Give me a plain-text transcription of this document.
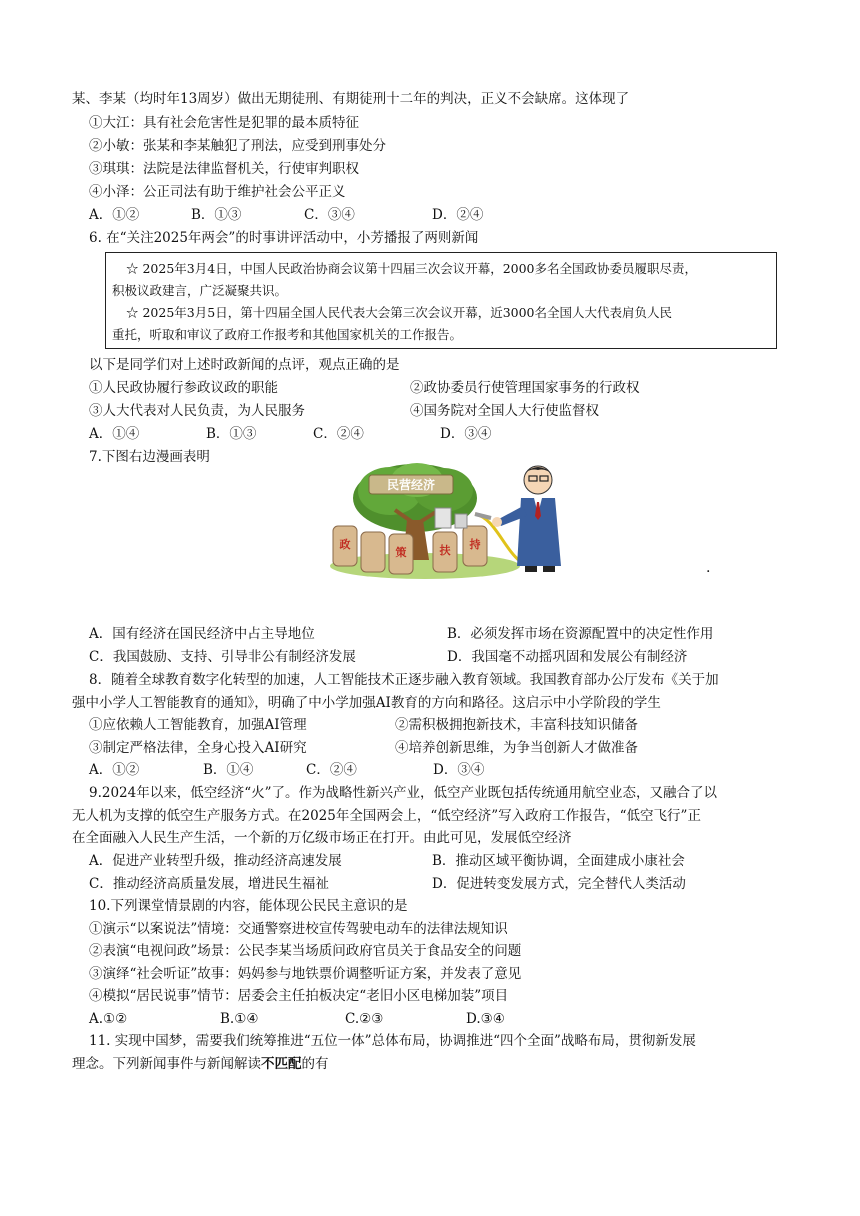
某、李某（均时年13周岁）做出无期徒刑、有期徒刑十二年的判决，正义不会缺席。这体现了
①大江：具有社会危害性是犯罪的最本质特征
②小敏：张某和李某触犯了刑法，应受到刑事处分
③琪琪：法院是法律监督机关，行使审判职权
④小泽：公正司法有助于维护社会公平正义
A．①②	B．①③	C．③④	D．②④
6. 在“关注2025年两会”的时事讲评活动中，小芳播报了两则新闻
☆ 2025年3月4日，中国人民政治协商会议第十四届三次会议开幕，2000多名全国政协委员履职尽责，
积极议政建言，广泛凝聚共识。
☆ 2025年3月5日，第十四届全国人民代表大会第三次会议开幕，近3000名全国人大代表肩负人民
重托，听取和审议了政府工作报考和其他国家机关的工作报告。
以下是同学们对上述时政新闻的点评，观点正确的是
①人民政协履行参政议政的职能	②政协委员行使管理国家事务的行政权
③人大代表对人民负责，为人民服务	④国务院对全国人大行使监督权
A．①④	B．①③	C．②④	D．③④
7.下图右边漫画表明
民营经济
政
策	扶 持
.
A．国有经济在国民经济中占主导地位	B．必须发挥市场在资源配置中的决定性作用
C．我国鼓励、支持、引导非公有制经济发展	D．我国毫不动摇巩固和发展公有制经济
8．随着全球教育数字化转型的加速，人工智能技术正逐步融入教育领域。我国教育部办公厅发布《关于加
强中小学人工智能教育的通知》，明确了中小学加强AI教育的方向和路径。这启示中小学阶段的学生
①应依赖人工智能教育，加强AI管理	②需积极拥抱新技术，丰富科技知识储备
③制定严格法律，全身心投入AI研究	④培养创新思维，为争当创新人才做准备
A．①②	B．①④	C．②④	D．③④
9.2024年以来，低空经济“火”了。作为战略性新兴产业，低空产业既包括传统通用航空业态，又融合了以
无人机为支撑的低空生产服务方式。在2025年全国两会上，“低空经济”写入政府工作报告，“低空飞行”正
在全面融入人民生产生活，一个新的万亿级市场正在打开。由此可见，发展低空经济
A．促进产业转型升级，推动经济高速发展	B．推动区域平衡协调，全面建成小康社会
C．推动经济高质量发展，增进民生福祉	D．促进转变发展方式，完全替代人类活动
10.下列课堂情景剧的内容，能体现公民民主意识的是
①演示“以案说法”情境：交通警察进校宣传驾驶电动车的法律法规知识
②表演“电视问政”场景：公民李某当场质问政府官员关于食品安全的问题
③演绎“社会听证”故事：妈妈参与地铁票价调整听证方案，并发表了意见
④模拟“居民说事”情节：居委会主任拍板决定“老旧小区电梯加装”项目
A.①②	B.①④	C.②③	D.③④
11. 实现中国梦，需要我们统筹推进“五位一体”总体布局，协调推进“四个全面”战略布局，贯彻新发展
理念。下列新闻事件与新闻解读不匹配的有
